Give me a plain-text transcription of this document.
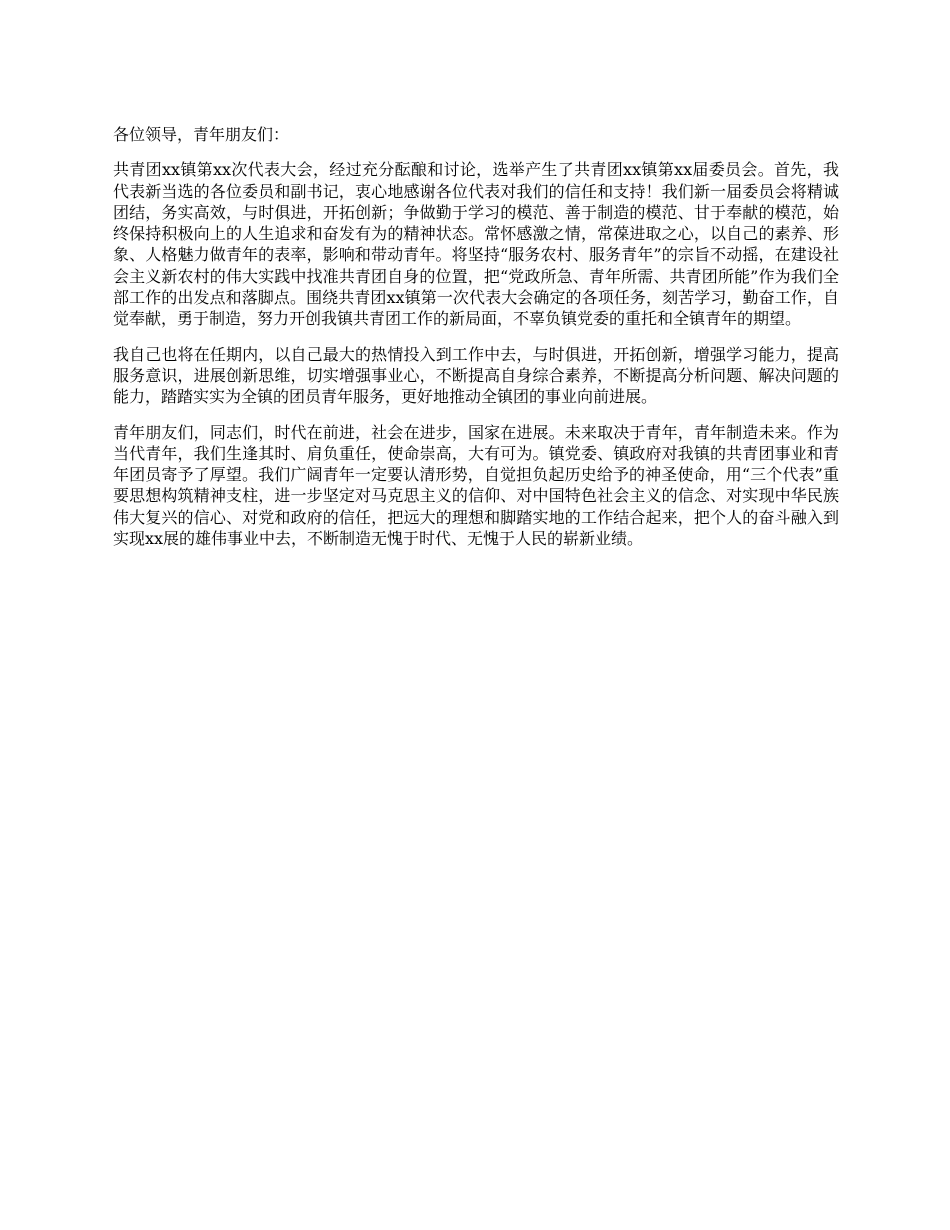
各位领导，青年朋友们：

共青团xx镇第xx次代表大会，经过充分酝酿和讨论，选举产生了共青团xx镇第xx届委员会。首先，我代表新当选的各位委员和副书记，衷心地感谢各位代表对我们的信任和支持！我们新一届委员会将精诚团结，务实高效，与时俱进，开拓创新；争做勤于学习的模范、善于制造的模范、甘于奉献的模范，始终保持积极向上的人生追求和奋发有为的精神状态。常怀感激之情，常葆进取之心，以自己的素养、形象、人格魅力做青年的表率，影响和带动青年。将坚持“服务农村、服务青年”的宗旨不动摇，在建设社会主义新农村的伟大实践中找准共青团自身的位置，把“党政所急、青年所需、共青团所能”作为我们全部工作的出发点和落脚点。围绕共青团xx镇第一次代表大会确定的各项任务，刻苦学习，勤奋工作，自觉奉献，勇于制造，努力开创我镇共青团工作的新局面，不辜负镇党委的重托和全镇青年的期望。

我自己也将在任期内，以自己最大的热情投入到工作中去，与时俱进，开拓创新，增强学习能力，提高服务意识，进展创新思维，切实增强事业心，不断提高自身综合素养，不断提高分析问题、解决问题的能力，踏踏实实为全镇的团员青年服务，更好地推动全镇团的事业向前进展。

青年朋友们，同志们，时代在前进，社会在进步，国家在进展。未来取决于青年，青年制造未来。作为当代青年，我们生逢其时、肩负重任，使命崇高，大有可为。镇党委、镇政府对我镇的共青团事业和青年团员寄予了厚望。我们广阔青年一定要认清形势，自觉担负起历史给予的神圣使命，用“三个代表”重要思想构筑精神支柱，进一步坚定对马克思主义的信仰、对中国特色社会主义的信念、对实现中华民族伟大复兴的信心、对党和政府的信任，把远大的理想和脚踏实地的工作结合起来，把个人的奋斗融入到实现xx展的雄伟事业中去，不断制造无愧于时代、无愧于人民的崭新业绩。
